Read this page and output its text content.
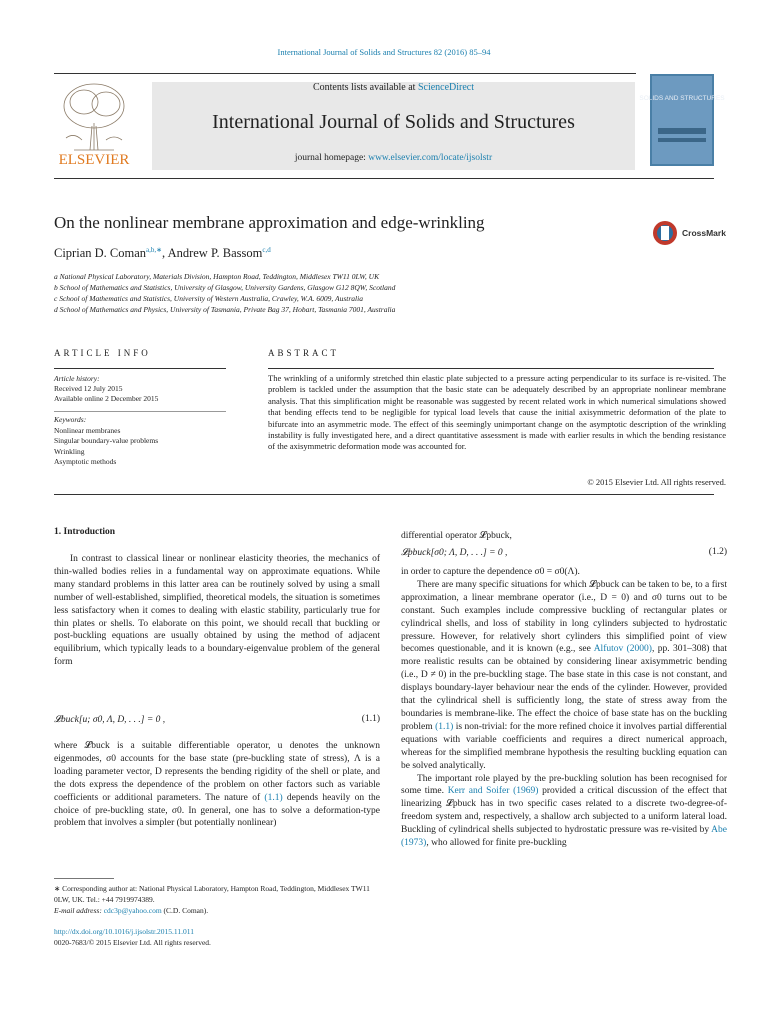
International Journal of Solids and Structures 82 (2016) 85–94
ELSEVIER
Contents lists available at ScienceDirect
International Journal of Solids and Structures
journal homepage: www.elsevier.com/locate/ijsolstr
SOLIDS AND STRUCTURES
On the nonlinear membrane approximation and edge-wrinkling
CrossMark
Ciprian D. Coman$^{a,b,∗}$, Andrew P. Bassom$^{c,d}$
a National Physical Laboratory, Materials Division, Hampton Road, Teddington, Middlesex TW11 0LW, UK
b School of Mathematics and Statistics, University of Glasgow, University Gardens, Glasgow G12 8QW, Scotland
c School of Mathematics and Statistics, University of Western Australia, Crawley, W.A. 6009, Australia
d School of Mathematics and Physics, University of Tasmania, Private Bag 37, Hobart, Tasmania 7001, Australia
ARTICLE INFO	ABSTRACT
Article history:
Received 12 July 2015
Available online 2 December 2015
Keywords:
Nonlinear membranes
Singular boundary-value problems
Wrinkling
Asymptotic methods
The wrinkling of a uniformly stretched thin elastic plate subjected to a pressure acting perpendicular to its surface is re-visited. The problem is tackled under the assumption that the basic state can be adequately described by an appropriate nonlinear membrane analysis. That this simplification might be reasonable was suggested by recent related work in which numerical simulations showed that bending effects tend to be negligible for typical load levels that cause the initial axisymmetric deformation of the plate to bifurcate into an asymmetric mode. The effect of this seemingly unimportant change on the asymptotic description of the wrinkling instability is fully investigated here, and a direct quantitative assessment is made with earlier results in which the bending resistance of the axisymmetric deformation mode was accounted for.
© 2015 Elsevier Ltd. All rights reserved.
1. Introduction
In contrast to classical linear or nonlinear elasticity theories, the mechanics of thin-walled bodies relies in a fundamental way on approximate equations. While many standard problems in this latter area can be routinely solved by using a small number of well-established, simplified, theoretical models, the situation is sometimes less satisfactory when it comes to dealing with elastic stability, particularly true for thin plates or shells. To elaborate on this point, we should recall that buckling or post-buckling equations are usually obtained by using the method of adjacent equilibrium, which typically leads to a boundary-eigenvalue problem of the general form
𝓛buck[u; σ0, Λ, D, . . .] = 0 ,	(1.1)
where 𝓛buck is a suitable differentiable operator, u denotes the unknown eigenmodes, σ0 accounts for the base state (pre-buckling state of stress), Λ is a loading parameter vector, D represents the bending rigidity of the shell or plate, and the dots express the dependence of the problem on other factors such as variable coefficients or additional parameters. The nature of (1.1) depends heavily on the choice of pre-buckling state, σ0. In general, one has to solve a deformation-type problem that involves a simpler (but potentially nonlinear)
∗ Corresponding author at: National Physical Laboratory, Hampton Road, Teddington, Middlesex TW11 0LW, UK. Tel.: +44 7919974389.
E-mail address: cdc3p@yahoo.com (C.D. Coman).
http://dx.doi.org/10.1016/j.ijsolstr.2015.11.011
0020-7683/© 2015 Elsevier Ltd. All rights reserved.
differential operator 𝓛pbuck,
𝓛pbuck[σ0; Λ, D, . . .] = 0 ,	(1.2)

in order to capture the dependence σ0 = σ0(Λ).

There are many specific situations for which 𝓛pbuck can be taken to be, to a first approximation, a linear membrane operator (i.e., D = 0) and σ0 turns out to be constant. Such examples include compressive buckling of rectangular plates or cylindrical shells, and loss of stability in long cylinders subjected to hydrostatic pressure. However, for relatively short cylinders this simplified point of view becomes questionable, and it is known (e.g., see Alfutov (2000), pp. 301–308) that more realistic results can be obtained by considering linear axisymmetric bending (i.e., D ≠ 0) in the pre-buckling stage. The base state in this case is not constant, and displays boundary-layer behaviour near the ends of the cylinder. However, provided that the cylindrical shell is sufficiently long, the state of stress away from the boundaries is membrane-like. The effect the choice of base state has on the buckling problem (1.1) is non-trivial: for the more refined choice it involves partial differential equations with variable coefficients and requires a direct numerical approach, whereas for the simplified membrane hypothesis the resulting buckling equation can be solved analytically.

The important role played by the pre-buckling solution has been recognised for some time. Kerr and Soifer (1969) provided a critical discussion of the effect that linearizing 𝓛pbuck has in two specific cases related to a discrete two-degree-of-freedom system and, respectively, a shallow arch subjected to a uniform lateral load. Buckling of cylindrical shells subjected to hydrostatic pressure was re-visited by Abe (1973), who allowed for finite pre-buckling
